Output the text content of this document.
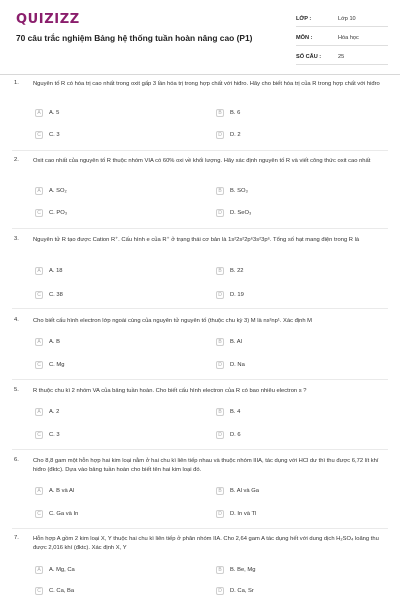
QUIZIZZ
70 câu trắc nghiệm Bảng hệ thống tuần hoàn nâng cao (P1)
LỚP :	Lớp 10
MÔN :	Hóa học
SỐ CÂU :	25
1. Nguyên tố R có hóa trị cao nhất trong oxit gấp 3 lần hóa trị trong hợp chất với hiđro. Hãy cho biết hóa trị của R trong hợp chất với hiđro
A	A. 5	B	B. 6
C	C. 3	D	D. 2
2. Oxit cao nhất của nguyên tố R thuộc nhóm VIA có 60% oxi về khối lượng. Hãy xác định nguyên tố R và viết công thức oxit cao nhất
A	A. SO₂	B	B. SO₃
C	C. PO₃	D	D. SeO₃
3. Nguyên tử R tạo được Cation R⁺. Cấu hình e của R⁺ ở trạng thái cơ bản là 1s²2s²2p⁶3s²3p⁶. Tổng số hạt mang điện trong R là
A	A. 18	B	B. 22
C	C. 38	D	D. 19
4. Cho biết cấu hình electron lớp ngoài cùng của nguyên tử nguyên tố (thuộc chu kỳ 3) M là ns²np¹. Xác định M
A	A. B	B	B. Al
C	C. Mg	D	D. Na
5. R thuộc chu kì 2 nhóm VA của bảng tuần hoàn. Cho biết cấu hình electron của R có bao nhiêu electron s ?
A	A. 2	B	B. 4
C	C. 3	D	D. 6
6. Cho 8,8 gam một hỗn hợp hai kim loại nằm ở hai chu kì liên tiếp nhau và thuộc nhóm IIIA, tác dụng với HCl dư thì thu được 6,72 lít khí hiđro (đktc). Dựa vào bảng tuần hoàn cho biết tên hai kim loại đó.
A	A. B và Al	B	B. Al và Ga
C	C. Ga và In	D	D. In và Tl
7. Hỗn hợp A gồm 2 kim loại X, Y thuộc hai chu kì liên tiếp ở phân nhóm IIA. Cho 2,64 gam A tác dụng hết với dung dịch H₂SO₄ loãng thu được 2,016 khí (đktc). Xác định X, Y
A	A. Mg, Ca	B	B. Be, Mg
C	C. Ca, Ba	D	D. Ca, Sr
